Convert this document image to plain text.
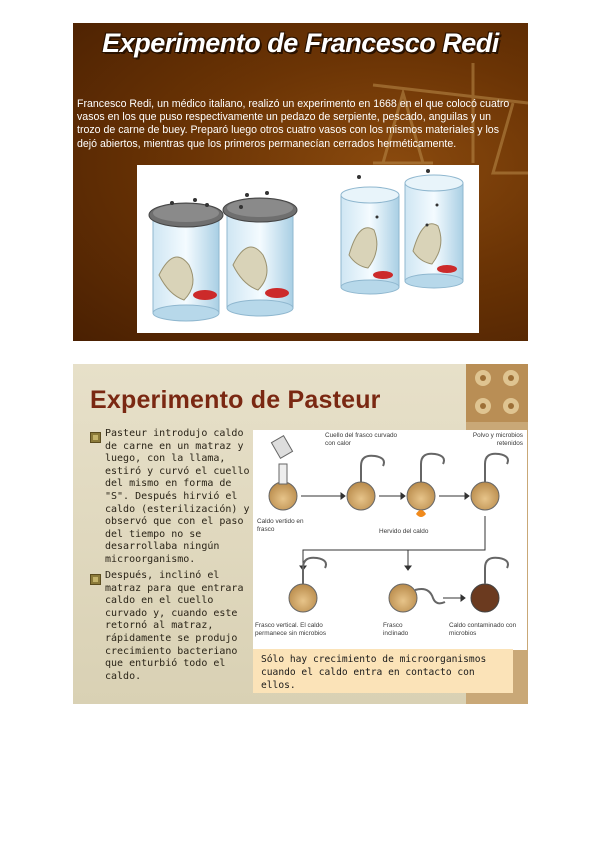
Experimento de Francesco Redi
Francesco Redi, un médico italiano, realizó un experimento en 1668 en el que colocó cuatro vasos en los que puso respectivamente un pedazo de serpiente, pescado, anguilas y un trozo de carne de buey. Preparó luego otros cuatro vasos con los mismos materiales y los dejó abiertos, mientras que los primeros permanecían cerrados herméticamente.
Experimento de Pasteur
Pasteur introdujo caldo de carne en un matraz y luego, con la llama, estiró y curvó el cuello del mismo en forma de "S". Después hirvió el caldo (esterilización) y observó que con el paso del tiempo no se desarrollaba ningún microorganismo.
Después, inclinó el matraz para que entrara caldo en el cuello curvado y, cuando este retornó al matraz, rápidamente se produjo crecimiento bacteriano que enturbió todo el caldo.
Cuello del frasco curvado con calor
Polvo y microbios retenidos
Caldo vertido en frasco	Hervido del caldo
Frasco vertical. El caldo permanece sin microbios
Frasco inclinado
Caldo contaminado con microbios
Sólo hay crecimiento de microorganismos cuando el caldo entra en contacto con ellos.
